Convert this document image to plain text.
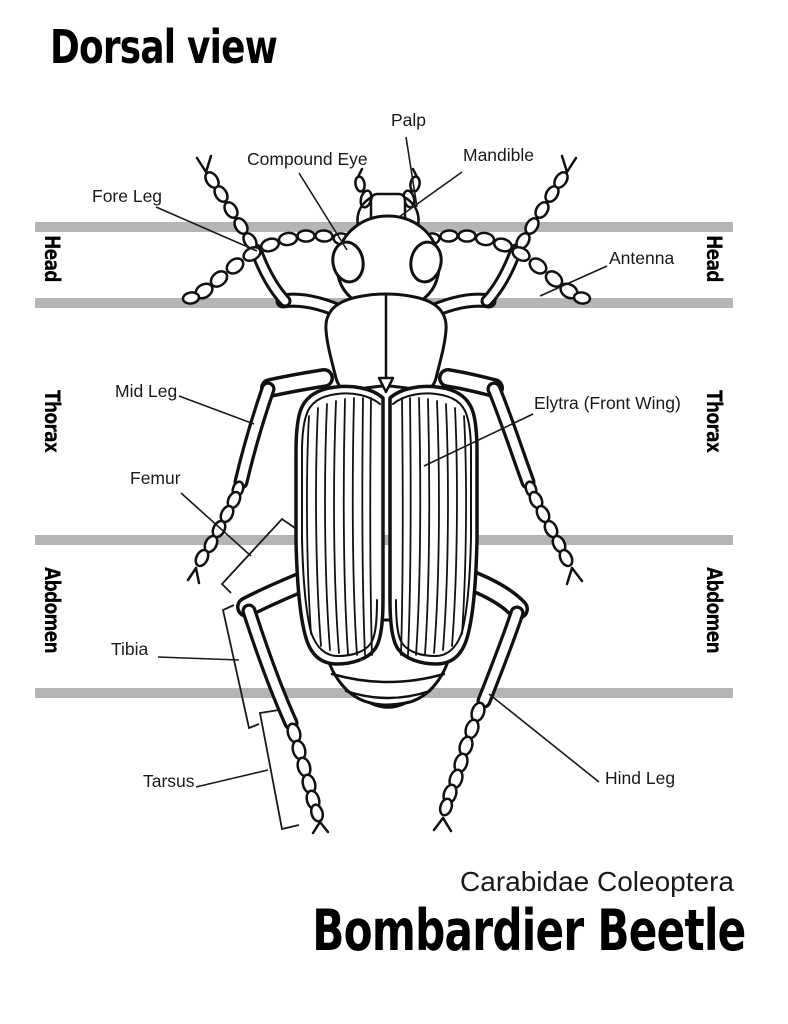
Dorsal view
Carabidae Coleoptera
Bombardier Beetle
Head	Head
Thorax	Thorax
Abdomen	Abdomen
Palp
Compound Eye	Mandible
Fore Leg
Antenna
Mid Leg
Elytra (Front Wing)
Femur
Tibia
Tarsus	Hind Leg
